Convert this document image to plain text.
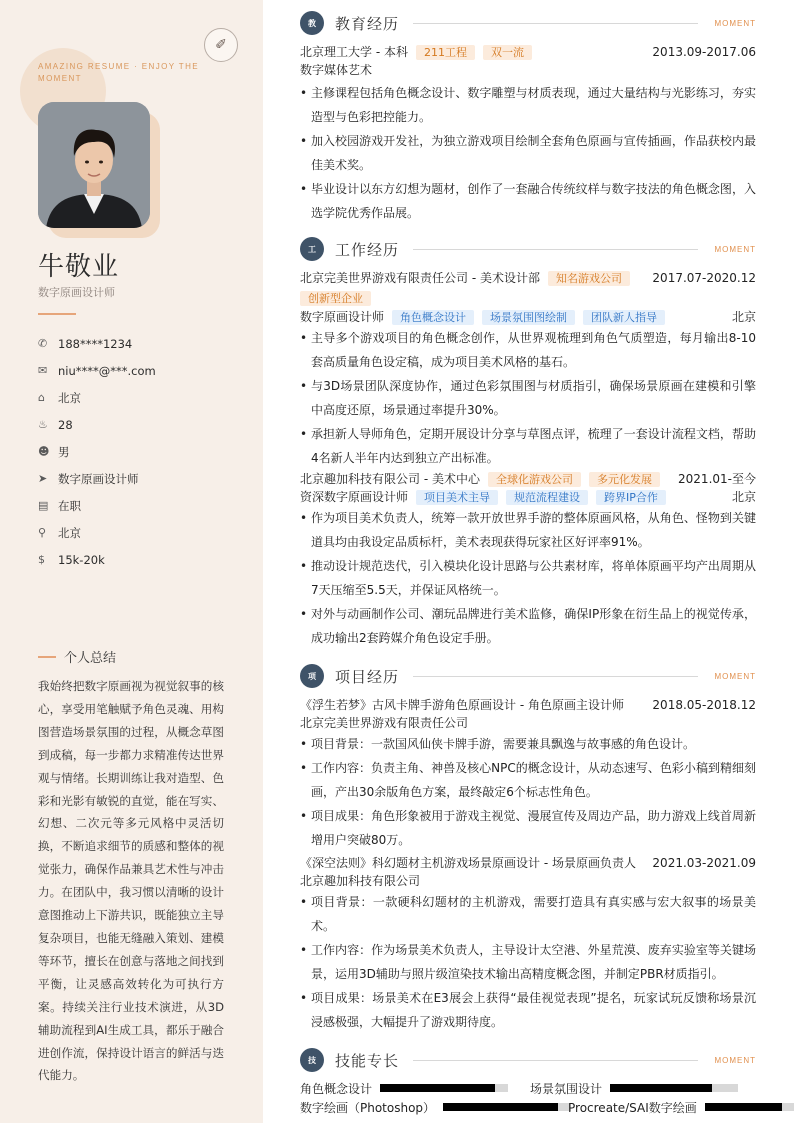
AMAZING RESUME · ENJOY THE MOMENT
✐
牛敬业
数字原画设计师
✆ 188****1234
✉ niu****@***.com
⌂	北京
♨ 28
☻ 男
➤ 数字原画设计师
▤ 在职
⚲	北京
$	15k-20k
个人总结
我始终把数字原画视为视觉叙事的核心，享受用笔触赋予角色灵魂、用构图营造场景氛围的过程，从概念草图到成稿，每一步都力求精准传达世界观与情绪。长期训练让我对造型、色彩和光影有敏锐的直觉，能在写实、幻想、二次元等多元风格中灵活切换，不断追求细节的质感和整体的视觉张力，确保作品兼具艺术性与冲击力。在团队中，我习惯以清晰的设计意图推动上下游共识，既能独立主导复杂项目，也能无缝融入策划、建模等环节，擅长在创意与落地之间找到平衡，让灵感高效转化为可执行方案。持续关注行业技术演进，从3D辅助流程到AI生成工具，都乐于融合进创作流，保持设计语言的鲜活与迭代能力。
教	教育经历	MOMENT
北京理工大学 - 本科	211工程	双一流	2013.09-2017.06
数字媒体艺术
• 主修课程包括角色概念设计、数字雕塑与材质表现，通过大量结构与光影练习，夯实造型与色彩把控能力。
• 加入校园游戏开发社，为独立游戏项目绘制全套角色原画与宣传插画，作品获校内最佳美术奖。
• 毕业设计以东方幻想为题材，创作了一套融合传统纹样与数字技法的角色概念图，入选学院优秀作品展。
工	工作经历	MOMENT
北京完美世界游戏有限责任公司 - 美术设计部	知名游戏公司
创新型企业
2017.07-2020.12
数字原画设计师	角色概念设计	场景氛围图绘制	团队新人指导	北京
• 主导多个游戏项目的角色概念创作，从世界观梳理到角色气质塑造，每月输出8-10套高质量角色设定稿，成为项目美术风格的基石。
• 与3D场景团队深度协作，通过色彩氛围图与材质指引，确保场景原画在建模和引擎中高度还原，场景通过率提升30%。
• 承担新人导师角色，定期开展设计分享与草图点评，梳理了一套设计流程文档，帮助4名新人半年内达到独立产出标准。
北京趣加科技有限公司 - 美术中心	全球化游戏公司	多元化发展	2021.01-至今
资深数字原画设计师	项目美术主导	规范流程建设	跨界IP合作	北京
• 作为项目美术负责人，统筹一款开放世界手游的整体原画风格，从角色、怪物到关键道具均由我设定品质标杆，美术表现获得玩家社区好评率91%。
• 推动设计规范迭代，引入模块化设计思路与公共素材库，将单体原画平均产出周期从7天压缩至5.5天，并保证风格统一。
• 对外与动画制作公司、潮玩品牌进行美术监修，确保IP形象在衍生品上的视觉传承，成功输出2套跨媒介角色设定手册。
项	项目经历	MOMENT
《浮生若梦》古风卡牌手游角色原画设计 - 角色原画主设计师 2018.05-2018.12
北京完美世界游戏有限责任公司
• 项目背景：一款国风仙侠卡牌手游，需要兼具飘逸与故事感的角色设计。
• 工作内容：负责主角、神兽及核心NPC的概念设计，从动态速写、色彩小稿到精细刻画，产出30余版角色方案，最终敲定6个标志性角色。
• 项目成果：角色形象被用于游戏主视觉、漫展宣传及周边产品，助力游戏上线首周新增用户突破80万。
《深空法则》科幻题材主机游戏场景原画设计 - 场景原画负责人 2021.03-2021.09
北京趣加科技有限公司
• 项目背景：一款硬科幻题材的主机游戏，需要打造具有真实感与宏大叙事的场景美术。
• 工作内容：作为场景美术负责人，主导设计太空港、外星荒漠、废弃实验室等关键场景，运用3D辅助与照片级渲染技术输出高精度概念图，并制定PBR材质指引。
• 项目成果：场景美术在E3展会上获得“最佳视觉表现”提名，玩家试玩反馈称场景沉浸感极强，大幅提升了游戏期待度。
技	技能专长	MOMENT
角色概念设计	场景氛围设计
数字绘画（Photoshop）	Procreate/SAI数字绘画
